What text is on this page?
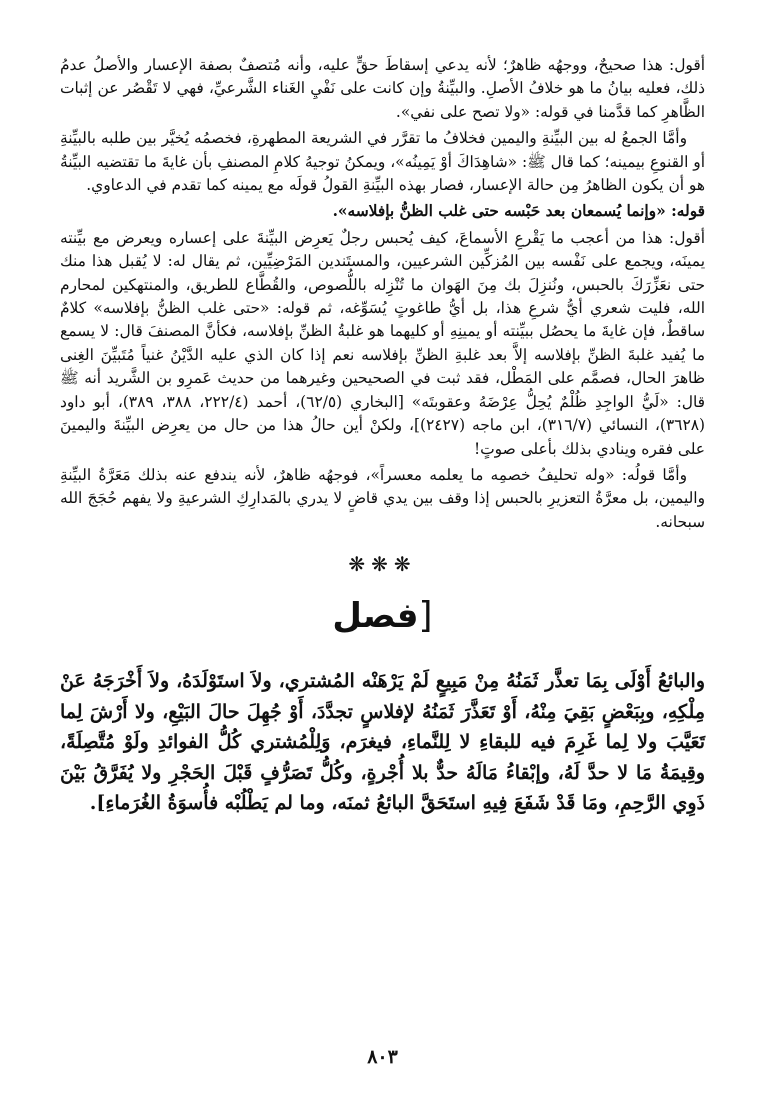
أقول: هذا صحيحٌ، ووجهُه ظاهرٌ؛ لأنه يدعي إسقاطَ حقٍّ عليه، وأنه مُتصفٌ بصفة الإعسار والأصلُ عدمُ ذلك، فعليه بيانُ ما هو خلافُ الأصلِ. والبيِّنةُ وإن كانت على نَفْيِ الغَناء الشَّرعيِّ، فهي لا تَقْصُر عن إثبات الظَّاهرِ كما قدَّمنا في قوله: «ولا تصح على نفي».

وأمَّا الجمعُ له بين البيِّنةِ واليمين فخلافُ ما تقرَّر في الشريعة المطهرةِ، فخصمُه يُخيَّر بين طلبه بالبيِّنةِ أو القنوعِ بيمينه؛ كما قال ﷺ: «شاهِدَاكَ أوْ يَمِينُه»، ويمكنُ توجيهُ كلامِ المصنفِ بأن غايةَ ما تقتضيه البيِّنةُ هو أن يكون الظاهرُ مِن حالة الإعسار، فصار بهذه البيِّنةِ القولُ قولَه مع يمينه كما تقدم في الدعاوي.

قوله: «وإنما يُسمعان بعد حَبْسه حتى غلب الظنُّ بإفلاسه».

أقول: هذا من أعجب ما يَقْرعِ الأسماعَ، كيف يُحبس رجلٌ يَعرِض البيِّنةَ على إعساره ويعرض مع بيِّنته يمينَه، ويجمع على نَفْسه بين المُزكِّين الشرعيين، والمستَندين المَرْضِيِّين، ثم يقال له: لا يُقبل هذا منك حتى نعَزِّرَكَ بالحبس، ونُنزِلَ بك مِنَ الهَوان ما تُنْزِله باللُّصوص، والقُطَّاع للطريق، والمنتهكين لمحارم الله، فليت شعري أيُّ شرعِ هذا، بل أيُّ طاغوتٍ يُسَوِّغه، ثم قوله: «حتى غلب الظنُّ بإفلاسه» كلامٌ ساقطٌ، فإن غايةَ ما يحصُل ببيِّنته أو يمينِهِ أو كليهما هو غلبةُ الظنِّ بإفلاسه، فكأنَّ المصنفَ قال: لا يسمع ما يُفيد غلبةَ الظنِّ بإفلاسه إلاَّ بعد غلبةِ الظنِّ بإفلاسه نعم إذا كان الذي عليه الدَّيْنُ غنياً مُتَبيِّنَ الغِنى ظاهرَ الحال، فصمَّم على المَطْل، فقد ثبت في الصحيحين وغيرهما من حديث عَمرِو بن الشَّريد أنه ﷺ قال: «لَيُّ الواجِدِ ظُلْمٌ يُحِلُّ عِرْضَهُ وعقوبتَه» [البخاري (٦٢/٥)، أحمد (٢٢٢/٤، ٣٨٨، ٣٨٩)، أبو داود (٣٦٢٨)، النسائي (٣١٦/٧)، ابن ماجه (٢٤٢٧)]، ولكنْ أين حالُ هذا من حال من يعرِض البيِّنةَ واليمينَ على فقره وينادي بذلك بأعلى صوتٍ!

وأمَّا قولُه: «وله تحليفُ خصمِه ما يعلمه معسراً»، فوجهُه ظاهرٌ، لأنه يندفع عنه بذلك مَعَرَّةُ البيِّنةِ واليمين، بل معرَّةُ التعزيرِ بالحبس إذا وقف بين يدي قاضٍ لا يدري بالمَدارِكِ الشرعيةِ ولا يفهم حُجَجَ الله سبحانه.

❋❋❋
[فصل

والبائعُ أَوْلَى بِمَا تعذَّر ثَمَنُهُ مِنْ مَبِيعٍ لَمْ يَرْهَنْه المُشتري، ولاَ استَوْلَدَهُ، ولاَ أَخْرَجَهُ عَنْ مِلْكِهِ، وبِبَعْضٍ بَقِيَ مِنْهُ، أَوْ تَعَذَّرَ ثَمَنُهُ لإفلاسٍ تجدَّدَ، أَوْ جُهِلَ حالَ البَيْعِ، ولا أَرْشَ لِما تَعَيَّبَ ولا لِما غَرِمَ فيه للبقاءِ لا لِلنَّماءِ، فيغرَم، وَلِلْمُشتري كُلُّ الفوائدِ ولَوْ مُتَّصِلَةً، وقِيمَةُ مَا لا حدَّ لَهُ، وإبْقاءُ مَالَهُ حدٌّ بلا أُجْرةٍ، وكُلُّ تَصَرُّفٍ قَبْلَ الحَجْرِ ولا يُفَرَّقُ بَيْنَ ذَوِي الرَّحِمِ، ومَا قَدْ شَفَعَ فِيهِ استَحَقَّ البائعُ ثمنَه، وما لم يَطْلُبْه فأُسوَةُ الغُرَماءِ].

٨٠٣
